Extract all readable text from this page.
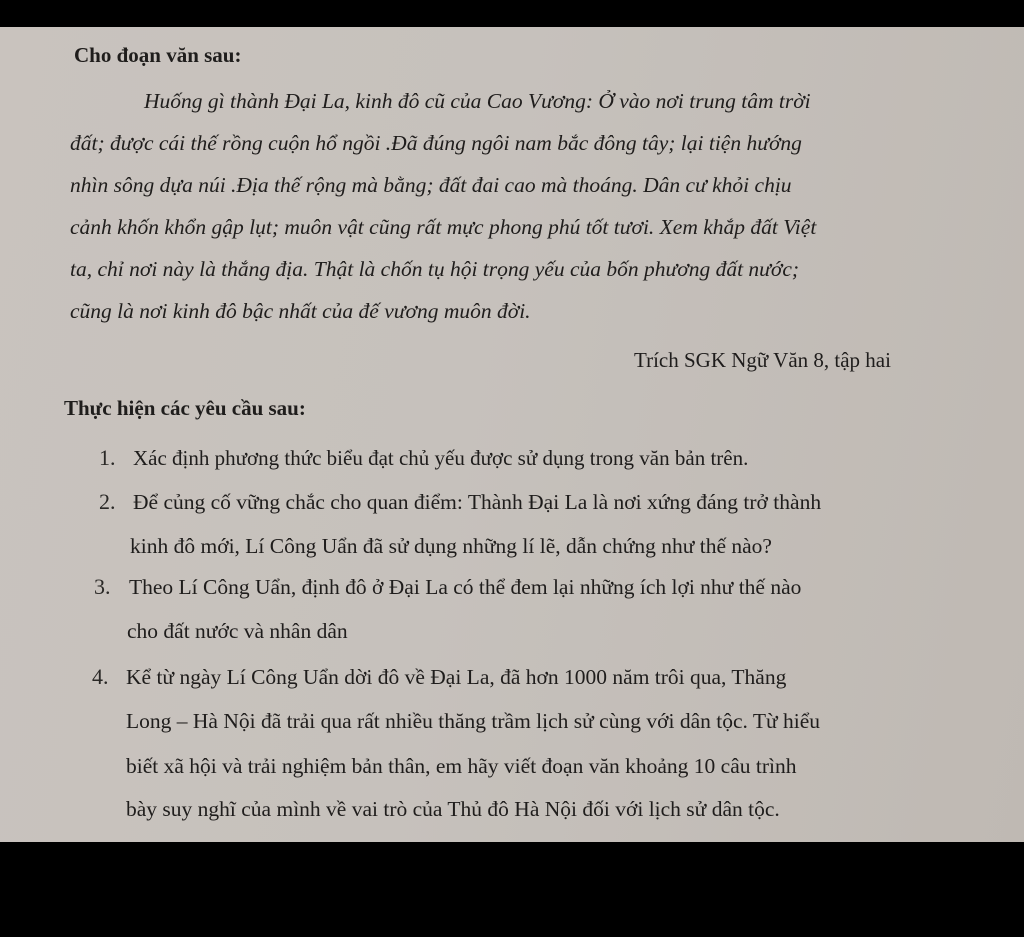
Cho đoạn văn sau:
Huống gì thành Đại La, kinh đô cũ của Cao Vương: Ở vào nơi trung tâm trời
đất; được cái thế rồng cuộn hổ ngồi .Đã đúng ngôi nam bắc đông tây; lại tiện hướng
nhìn sông dựa núi .Địa thế rộng mà bằng; đất đai cao mà thoáng. Dân cư khỏi chịu
cảnh khốn khổn gập lụt; muôn vật cũng rất mực phong phú tốt tươi. Xem khắp đất Việt
ta, chỉ nơi này là thắng địa. Thật là chốn tụ hội trọng yếu của bốn phương đất nước;
cũng là nơi kinh đô bậc nhất của đế vương muôn đời.
Trích SGK Ngữ Văn 8, tập hai
Thực hiện các yêu cầu sau:
1. Xác định phương thức biểu đạt chủ yếu được sử dụng trong văn bản trên.
2. Để củng cố vững chắc cho quan điểm: Thành Đại La là nơi xứng đáng trở thành
kinh đô mới, Lí Công Uẩn đã sử dụng những lí lẽ, dẫn chứng như thế nào?
3. Theo Lí Công Uẩn, định đô ở Đại La có thể đem lại những ích lợi như thế nào
cho đất nước và nhân dân
4. Kể từ ngày Lí Công Uẩn dời đô về Đại La, đã hơn 1000 năm trôi qua, Thăng
Long – Hà Nội đã trải qua rất nhiều thăng trầm lịch sử cùng với dân tộc. Từ hiểu
biết xã hội và trải nghiệm bản thân, em hãy viết đoạn văn khoảng 10 câu trình
bày suy nghĩ của mình về vai trò của Thủ đô Hà Nội đối với lịch sử dân tộc.
